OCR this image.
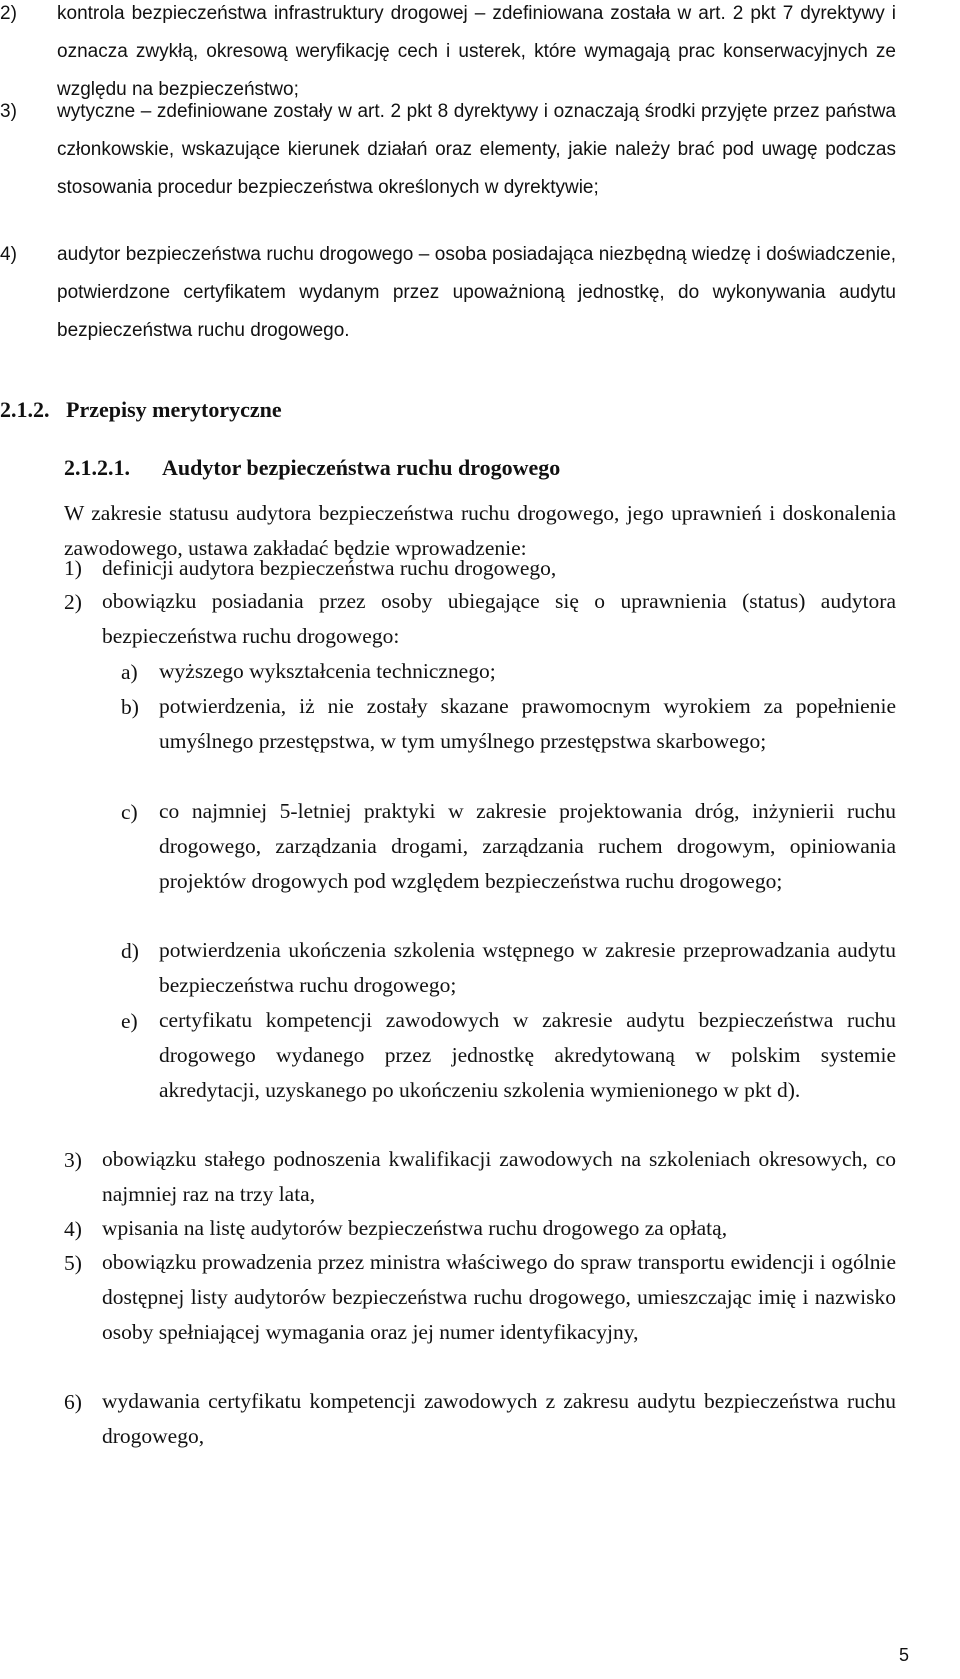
2)	kontrola bezpieczeństwa infrastruktury drogowej – zdefiniowana została w art. 2 pkt 7 dyrektywy i oznacza zwykłą, okresową weryfikację cech i usterek, które wymagają prac konserwacyjnych ze względu na bezpieczeństwo;
3)	wytyczne – zdefiniowane zostały w art. 2 pkt 8 dyrektywy i oznaczają środki przyjęte przez państwa członkowskie, wskazujące kierunek działań oraz elementy, jakie należy brać pod uwagę podczas stosowania procedur bezpieczeństwa określonych w dyrektywie;
4)	audytor bezpieczeństwa ruchu drogowego – osoba posiadająca niezbędną wiedzę i doświadczenie, potwierdzone certyfikatem wydanym przez upoważnioną jednostkę, do wykonywania audytu bezpieczeństwa ruchu drogowego.
2.1.2. Przepisy merytoryczne
2.1.2.1. Audytor bezpieczeństwa ruchu drogowego
W zakresie statusu audytora bezpieczeństwa ruchu drogowego, jego uprawnień i doskonalenia zawodowego, ustawa zakładać będzie wprowadzenie:
1) definicji audytora bezpieczeństwa ruchu drogowego,
2) obowiązku posiadania przez osoby ubiegające się o uprawnienia (status) audytora bezpieczeństwa ruchu drogowego:
a) wyższego wykształcenia technicznego;
b) potwierdzenia, iż nie zostały skazane prawomocnym wyrokiem za popełnienie umyślnego przestępstwa, w tym umyślnego przestępstwa skarbowego;
c) co najmniej 5-letniej praktyki w zakresie projektowania dróg, inżynierii ruchu drogowego, zarządzania drogami, zarządzania ruchem drogowym, opiniowania projektów drogowych pod względem bezpieczeństwa ruchu drogowego;
d) potwierdzenia ukończenia szkolenia wstępnego w zakresie przeprowadzania audytu bezpieczeństwa ruchu drogowego;
e) certyfikatu kompetencji zawodowych w zakresie audytu bezpieczeństwa ruchu drogowego wydanego przez jednostkę akredytowaną w polskim systemie akredytacji, uzyskanego po ukończeniu szkolenia wymienionego w pkt d).
3) obowiązku stałego podnoszenia kwalifikacji zawodowych na szkoleniach okresowych, co najmniej raz na trzy lata,
4) wpisania na listę audytorów bezpieczeństwa ruchu drogowego za opłatą,
5) obowiązku prowadzenia przez ministra właściwego do spraw transportu ewidencji i ogólnie dostępnej listy audytorów bezpieczeństwa ruchu drogowego, umieszczając imię i nazwisko osoby spełniającej wymagania oraz jej numer identyfikacyjny,
6) wydawania certyfikatu kompetencji zawodowych z zakresu audytu bezpieczeństwa ruchu drogowego,
5
